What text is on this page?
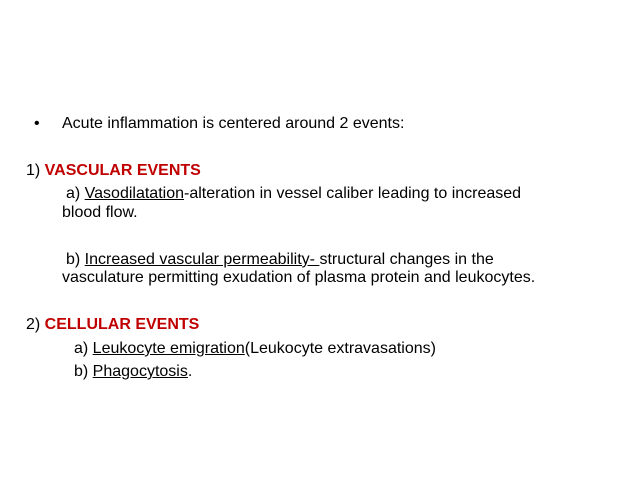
• Acute inflammation is centered around 2 events:
1) VASCULAR EVENTS
a) Vasodilatation-alteration in vessel caliber leading to increased
blood flow.
b) Increased vascular permeability- structural changes in the
vasculature permitting exudation of plasma protein and leukocytes.
2) CELLULAR EVENTS
a) Leukocyte emigration(Leukocyte extravasations)
b) Phagocytosis.
